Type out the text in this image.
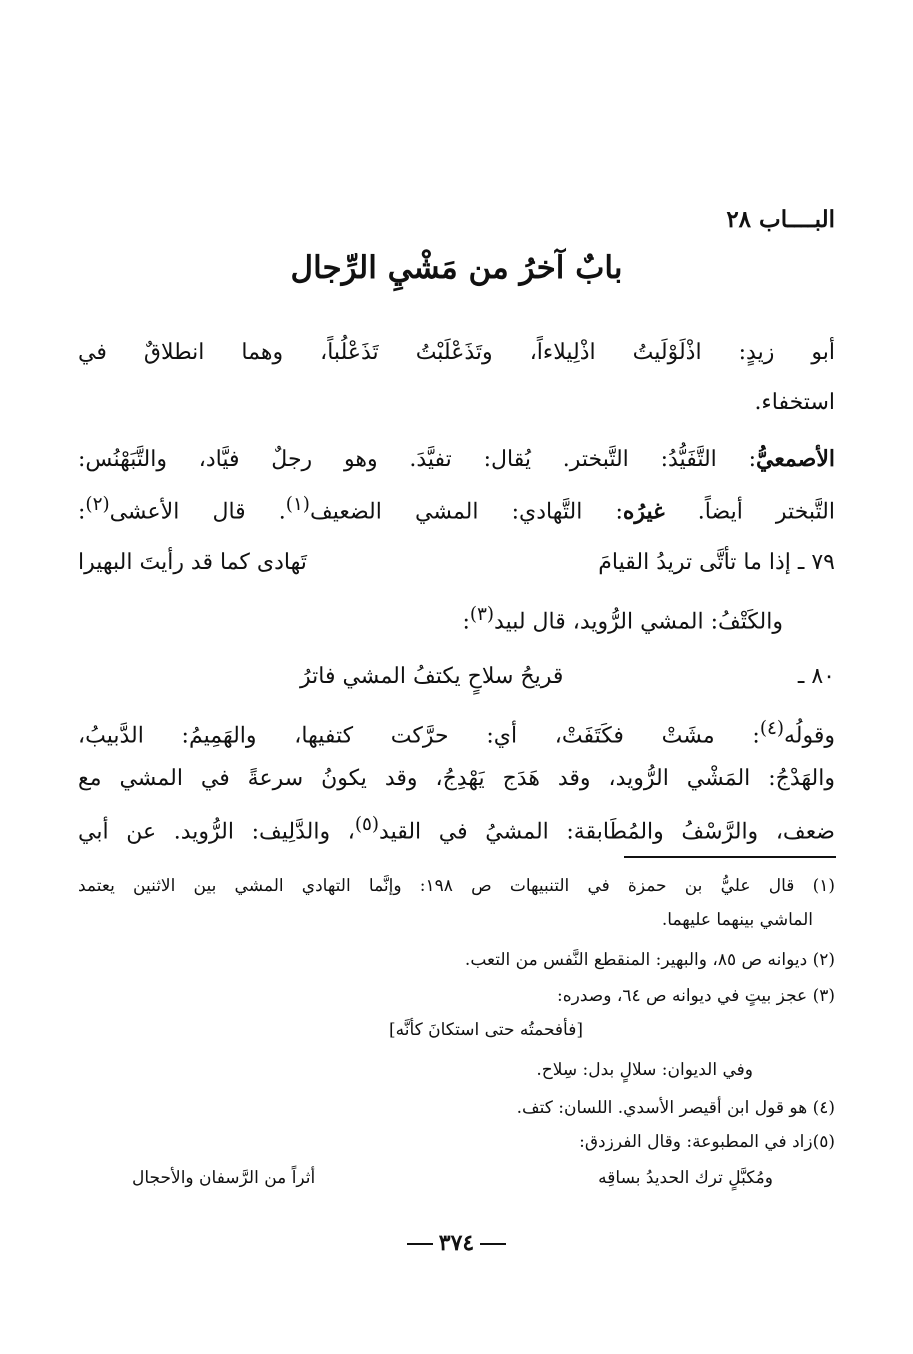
البــــاب ٢٨
بابٌ آخرُ من مَشْيِ الرِّجال
أبو زيدٍ: اذْلَوْلَيتُ اذْلِيلاءاً، وتَذَعْلَبْتُ تَذَعْلُباً، وهما انطلاقٌ في
استخفاء.
الأصمعيُّ: التَّفَيُّدُ: التَّبختر. يُقال: تفيَّدَ. وهو رجلٌ فيَّاد، والتَّبَهْنُس:
التَّبختر أيضاً. غيرُه: التَّهادي: المشي الضعيف$^{(١)}$. قال الأعشى$^{(٢)}$:
٧٩ ـ إذا ما تأتَّى تريدُ القيامَ
تَهادى كما قد رأيتَ البهيرا
والكَتْفُ: المشي الرُّويد، قال لبيد$^{(٣)}$:
٨٠ ـ
قريحُ سلاحٍ يكتفُ المشي فاترُ
وقولُه$^{(٤)}$: مشَتْ فكَتَفَتْ، أي: حرَّكت كتفيها، والهَمِيمُ: الدَّبيبُ،
والهَدْجُ: المَشْي الرُّويد، وقد هَدَج يَهْدِجُ، وقد يكونُ سرعةً في المشي مع
ضعف، والرَّسْفُ والمُطَابقة: المشيُ في القيد$^{(٥)}$، والدَّلِيف: الرُّويد. عن أبي
(١) قال عليُّ بن حمزة في التنبيهات ص ١٩٨: وإنَّما التهادي المشي بين الاثنين يعتمد
الماشي بينهما عليهما.
(٢) ديوانه ص ٨٥، والبهير: المنقطع النَّفس من التعب.
(٣) عجز بيتٍ في ديوانه ص ٦٤، وصدره:
[فأفحمتُه حتى استكانَ كأنَّه]
وفي الديوان: سلالٍ بدل: سِلاح.
(٤) هو قول ابن أقيصر الأسدي. اللسان: كتف.
(٥)زاد في المطبوعة: وقال الفرزدق:
ومُكبَّلٍ ترك الحديدُ بساقِه
أثراً من الرَّسفان والأحجال
٣٧٤
